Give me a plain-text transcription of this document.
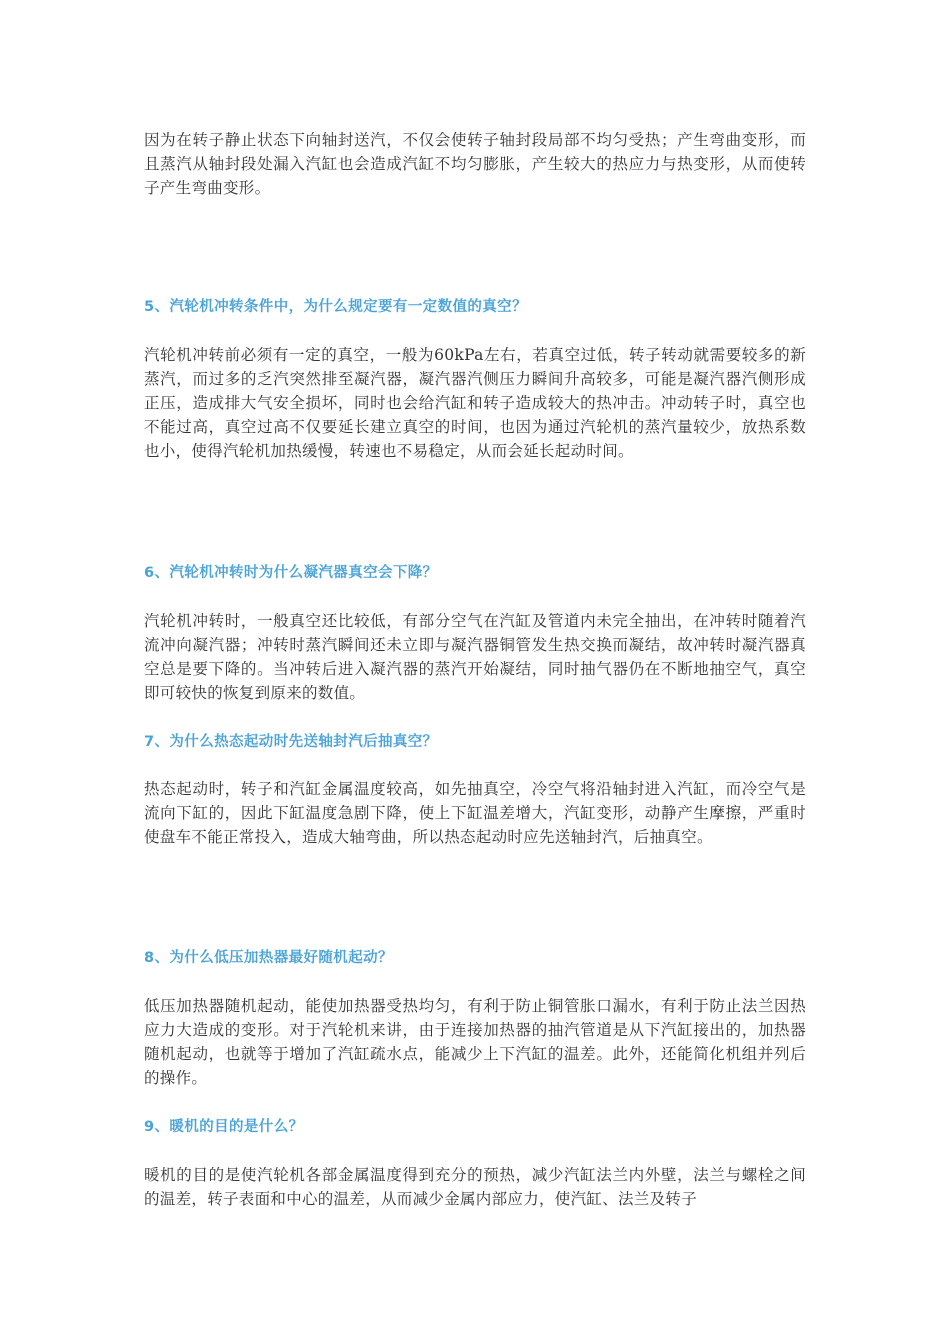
因为在转子静止状态下向轴封送汽，不仅会使转子轴封段局部不均匀受热；产生弯曲变形，而且蒸汽从轴封段处漏入汽缸也会造成汽缸不均匀膨胀，产生较大的热应力与热变形，从而使转子产生弯曲变形。

5、汽轮机冲转条件中，为什么规定要有一定数值的真空？

汽轮机冲转前必须有一定的真空，一般为60kPa左右，若真空过低，转子转动就需要较多的新蒸汽，而过多的乏汽突然排至凝汽器，凝汽器汽侧压力瞬间升高较多，可能是凝汽器汽侧形成正压，造成排大气安全损坏，同时也会给汽缸和转子造成较大的热冲击。冲动转子时，真空也不能过高，真空过高不仅要延长建立真空的时间，也因为通过汽轮机的蒸汽量较少，放热系数也小，使得汽轮机加热缓慢，转速也不易稳定，从而会延长起动时间。

6、汽轮机冲转时为什么凝汽器真空会下降？

汽轮机冲转时，一般真空还比较低，有部分空气在汽缸及管道内未完全抽出，在冲转时随着汽流冲向凝汽器；冲转时蒸汽瞬间还未立即与凝汽器铜管发生热交换而凝结，故冲转时凝汽器真空总是要下降的。当冲转后进入凝汽器的蒸汽开始凝结，同时抽气器仍在不断地抽空气，真空即可较快的恢复到原来的数值。

7、为什么热态起动时先送轴封汽后抽真空？

热态起动时，转子和汽缸金属温度较高，如先抽真空，冷空气将沿轴封进入汽缸，而冷空气是流向下缸的，因此下缸温度急剧下降，使上下缸温差增大，汽缸变形，动静产生摩擦，严重时使盘车不能正常投入，造成大轴弯曲，所以热态起动时应先送轴封汽，后抽真空。

8、为什么低压加热器最好随机起动？

低压加热器随机起动，能使加热器受热均匀，有利于防止铜管胀口漏水，有利于防止法兰因热应力大造成的变形。对于汽轮机来讲，由于连接加热器的抽汽管道是从下汽缸接出的，加热器随机起动，也就等于增加了汽缸疏水点，能减少上下汽缸的温差。此外，还能简化机组并列后的操作。

9、暖机的目的是什么？

暖机的目的是使汽轮机各部金属温度得到充分的预热，减少汽缸法兰内外壁，法兰与螺栓之间的温差，转子表面和中心的温差，从而减少金属内部应力，使汽缸、法兰及转子
